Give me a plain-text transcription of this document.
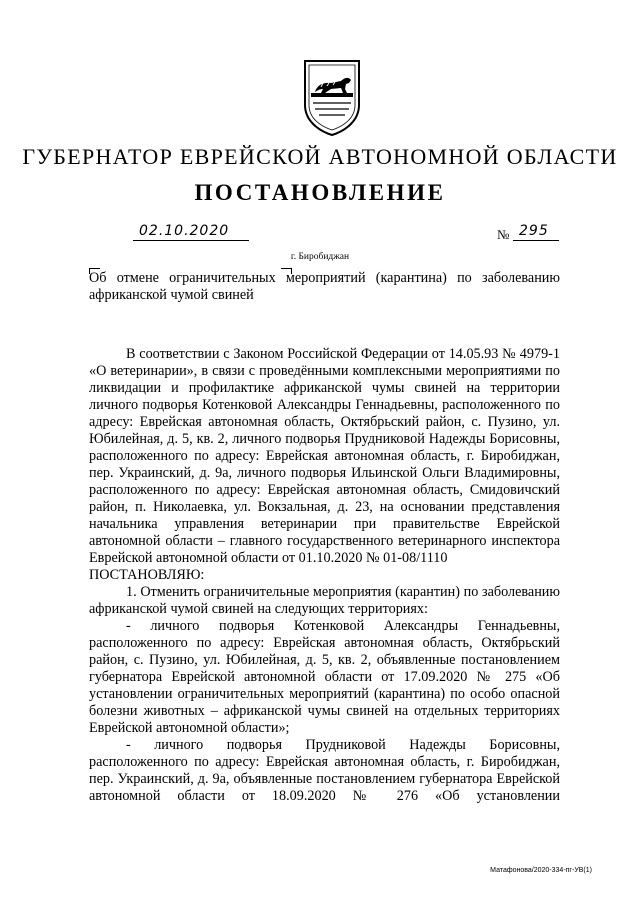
ГУБЕРНАТОР ЕВРЕЙСКОЙ АВТОНОМНОЙ ОБЛАСТИ
ПОСТАНОВЛЕНИЕ
02.10.2020	№ 295
г. Биробиджан
Об отмене ограничительных мероприятий (карантина) по заболеванию африканской чумой свиней

В соответствии с Законом Российской Федерации от 14.05.93 № 4979-1 «О ветеринарии», в связи с проведёнными комплексными мероприятиями по ликвидации и профилактике африканской чумы свиней на территории личного подворья Котенковой Александры Геннадьевны, расположенного по адресу: Еврейская автономная область, Октябрьский район, с. Пузино, ул. Юбилейная, д. 5, кв. 2, личного подворья Прудниковой Надежды Борисовны, расположенного по адресу: Еврейская автономная область, г. Биробиджан, пер. Украинский, д. 9а, личного подворья Ильинской Ольги Владимировны, расположенного по адресу: Еврейская автономная область, Смидовичский район, п. Николаевка, ул. Вокзальная, д. 23, на основании представления начальника управления ветеринарии при правительстве Еврейской автономной области – главного государственного ветеринарного инспектора Еврейской автономной области от 01.10.2020 № 01-08/1110

ПОСТАНОВЛЯЮ:

1. Отменить ограничительные мероприятия (карантин) по заболеванию африканской чумой свиней на следующих территориях:

- личного подворья Котенковой Александры Геннадьевны, расположенного по адресу: Еврейская автономная область, Октябрьский район, с. Пузино, ул. Юбилейная, д. 5, кв. 2, объявленные постановлением губернатора Еврейской автономной области от 17.09.2020 № 275 «Об установлении ограничительных мероприятий (карантина) по особо опасной болезни животных – африканской чумы свиней на отдельных территориях Еврейской автономной области»;

- личного подворья Прудниковой Надежды Борисовны, расположенного по адресу: Еврейская автономная область, г. Биробиджан, пер. Украинский, д. 9а, объявленные постановлением губернатора Еврейской автономной области от 18.09.2020 № 276 «Об установлении

Матафонова/2020-334-пг-УВ(1)
